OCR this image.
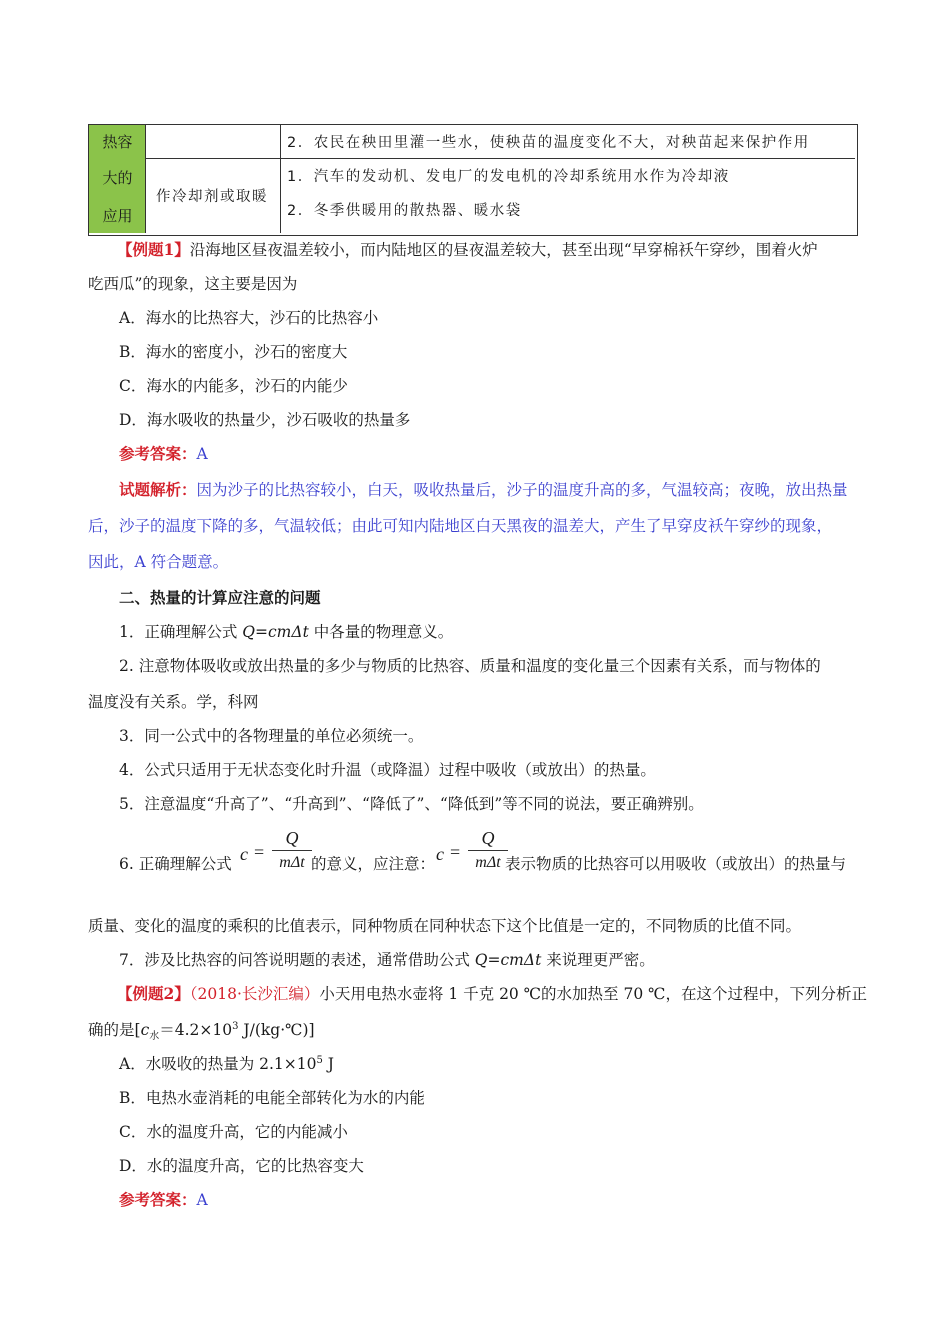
热容
大的
应用
作冷却剂或取暖
2．农民在秧田里灌一些水，使秧苗的温度变化不大，对秧苗起来保护作用
1．汽车的发动机、发电厂的发电机的冷却系统用水作为冷却液
2．冬季供暖用的散热器、暖水袋
【例题1】沿海地区昼夜温差较小，而内陆地区的昼夜温差较大，甚至出现“早穿棉袄午穿纱，围着火炉
吃西瓜”的现象，这主要是因为
A．海水的比热容大，沙石的比热容小
B．海水的密度小，沙石的密度大
C．海水的内能多，沙石的内能少
D．海水吸收的热量少，沙石吸收的热量多
参考答案：A
试题解析：因为沙子的比热容较小，白天，吸收热量后，沙子的温度升高的多，气温较高；夜晚，放出热量
后，沙子的温度下降的多，气温较低；由此可知内陆地区白天黑夜的温差大，产生了早穿皮袄午穿纱的现象，
因此，A 符合题意。
二、热量的计算应注意的问题
1．正确理解公式 Q=cmΔt 中各量的物理意义。
2. 注意物体吸收或放出热量的多少与物质的比热容、质量和温度的变化量三个因素有关系，而与物体的
温度没有关系。学，科网
3．同一公式中的各物理量的单位必须统一。
4．公式只适用于无状态变化时升温（或降温）过程中吸收（或放出）的热量。
5．注意温度“升高了”、“升高到”、“降低了”、“降低到”等不同的说法，要正确辨别。
6. 正确理解公式 c =
Q
mΔt 的意义，应注意： c =
Q
mΔt 表示物质的比热容可以用吸收（或放出）的热量与
质量、变化的温度的乘积的比值表示，同种物质在同种状态下这个比值是一定的，不同物质的比值不同。
7．涉及比热容的问答说明题的表述，通常借助公式 Q=cmΔt 来说理更严密。
【例题2】（2018·长沙汇编）小天用电热水壶将 1 千克 20 ℃的水加热至 70 ℃，在这个过程中，下列分析正
确的是[$c_水=4.2\times 10^3$ J/(kg·℃)]
A．水吸收的热量为 $2.1\times 10^5$ J
B．电热水壶消耗的电能全部转化为水的内能
C．水的温度升高，它的内能减小
D．水的温度升高，它的比热容变大
参考答案：A
